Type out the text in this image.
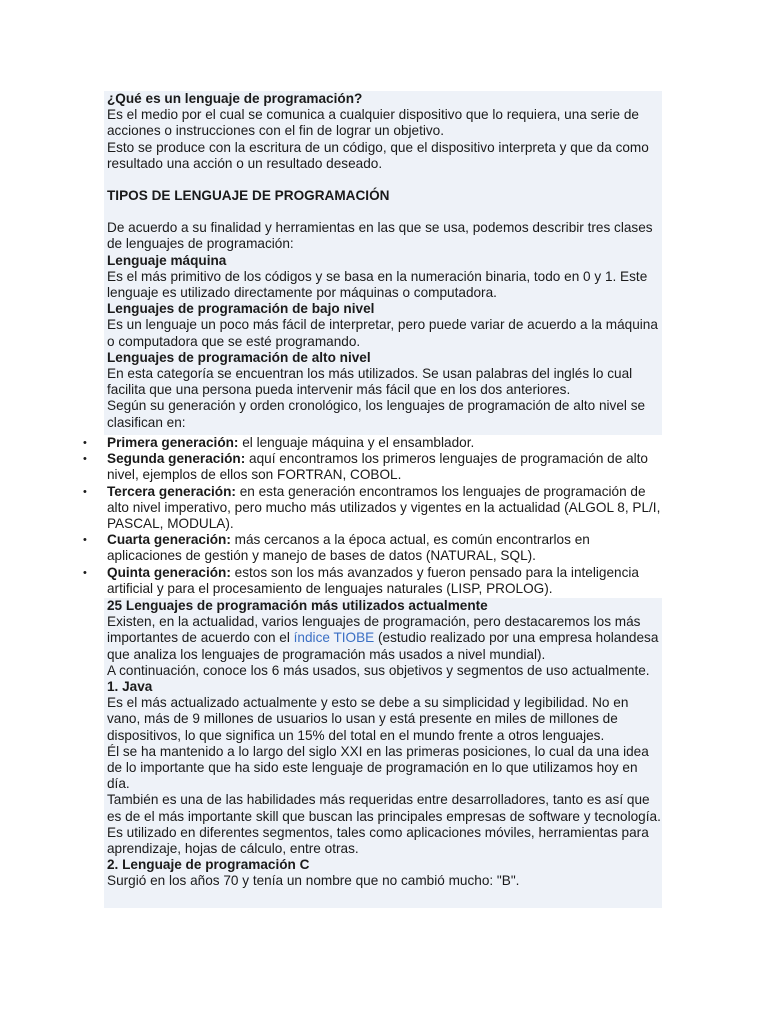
¿Qué es un lenguaje de programación?

Es el medio por el cual se comunica a cualquier dispositivo que lo requiera, una serie de acciones o instrucciones con el fin de lograr un objetivo.

Esto se produce con la escritura de un código, que el dispositivo interpreta y que da como resultado una acción o un resultado deseado.

TIPOS DE LENGUAJE DE PROGRAMACIÓN

De acuerdo a su finalidad y herramientas en las que se usa, podemos describir tres clases de lenguajes de programación:

Lenguaje máquina

Es el más primitivo de los códigos y se basa en la numeración binaria, todo en 0 y 1. Este lenguaje es utilizado directamente por máquinas o computadora.

Lenguajes de programación de bajo nivel

Es un lenguaje un poco más fácil de interpretar, pero puede variar de acuerdo a la máquina o computadora que se esté programando.

Lenguajes de programación de alto nivel

En esta categoría se encuentran los más utilizados. Se usan palabras del inglés lo cual facilita que una persona pueda intervenir más fácil que en los dos anteriores.

Según su generación y orden cronológico, los lenguajes de programación de alto nivel se clasifican en:

• Primera generación: el lenguaje máquina y el ensamblador.
• Segunda generación: aquí encontramos los primeros lenguajes de programación de alto nivel, ejemplos de ellos son FORTRAN, COBOL.
• Tercera generación: en esta generación encontramos los lenguajes de programación de alto nivel imperativo, pero mucho más utilizados y vigentes en la actualidad (ALGOL 8, PL/I, PASCAL, MODULA).
• Cuarta generación: más cercanos a la época actual, es común encontrarlos en aplicaciones de gestión y manejo de bases de datos (NATURAL, SQL).
• Quinta generación: estos son los más avanzados y fueron pensado para la inteligencia artificial y para el procesamiento de lenguajes naturales (LISP, PROLOG).

25 Lenguajes de programación más utilizados actualmente

Existen, en la actualidad, varios lenguajes de programación, pero destacaremos los más importantes de acuerdo con el índice TIOBE (estudio realizado por una empresa holandesa que analiza los lenguajes de programación más usados a nivel mundial).

A continuación, conoce los 6 más usados, sus objetivos y segmentos de uso actualmente.

1. Java

Es el más actualizado actualmente y esto se debe a su simplicidad y legibilidad. No en vano, más de 9 millones de usuarios lo usan y está presente en miles de millones de dispositivos, lo que significa un 15% del total en el mundo frente a otros lenguajes.

Él se ha mantenido a lo largo del siglo XXI en las primeras posiciones, lo cual da una idea de lo importante que ha sido este lenguaje de programación en lo que utilizamos hoy en día.

También es una de las habilidades más requeridas entre desarrolladores, tanto es así que es de el más importante skill que buscan las principales empresas de software y tecnología.

Es utilizado en diferentes segmentos, tales como aplicaciones móviles, herramientas para aprendizaje, hojas de cálculo, entre otras.

2. Lenguaje de programación C

Surgió en los años 70 y tenía un nombre que no cambió mucho: "B".
